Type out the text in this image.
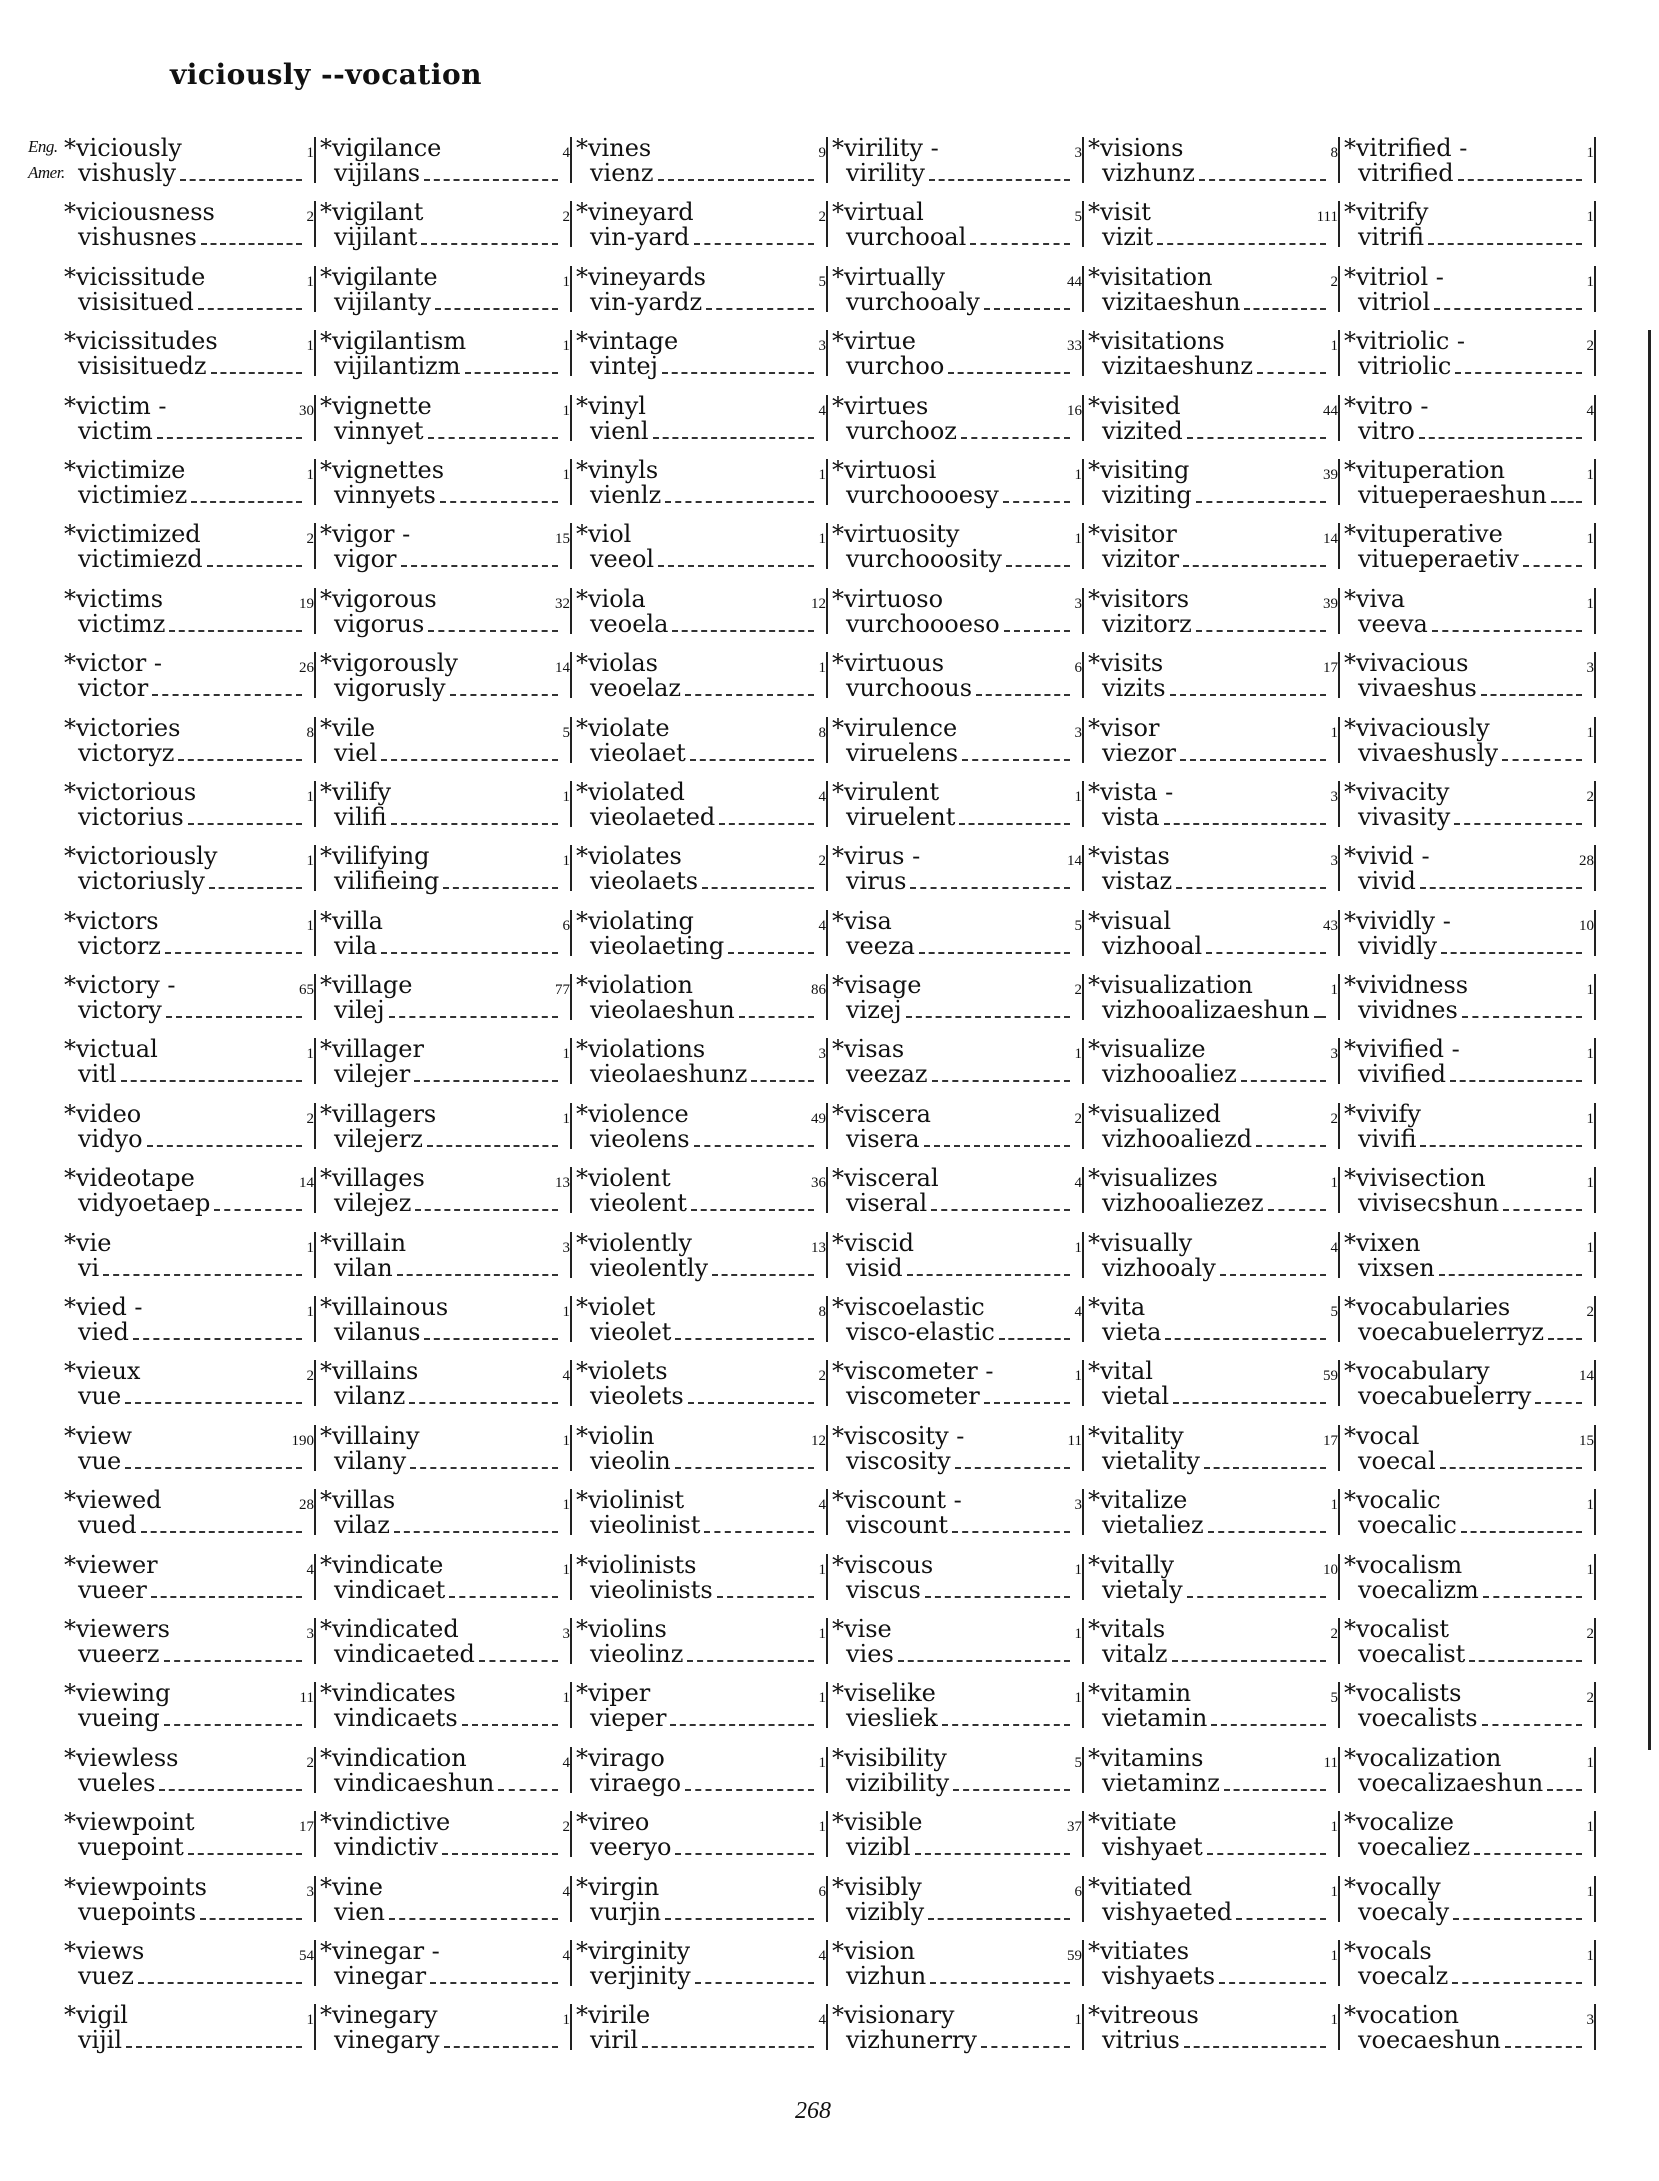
viciously --vocation
Eng.
Amer.
*viciously
vishusly
1
*viciousness
vishusnes
2
*vicissitude
visisitued
1
*vicissitudes
visisituedz
1
*victim -
victim
30
*victimize
victimiez
1
*victimized
victimiezd
2
*victims
victimz
19
*victor -
victor
26
*victories
victoryz
8
*victorious
victorius
1
*victoriously
victoriusly
1
*victors
victorz
1
*victory -
victory
65
*victual
vitl
1
*video
vidyo
2
*videotape
vidyoetaep
14
*vie
vi
1
*vied -
vied
1
*vieux
vue
2
*view
vue
190
*viewed
vued
28
*viewer
vueer
4
*viewers
vueerz
3
*viewing
vueing
11
*viewless
vueles
2
*viewpoint
vuepoint
17
*viewpoints
vuepoints
3
*views
vuez
54
*vigil
vijil
1
*vigilance
vijilans
4
*vigilant
vijilant
2
*vigilante
vijilanty
1
*vigilantism
vijilantizm
1
*vignette
vinnyet
1
*vignettes
vinnyets
1
*vigor -
vigor
15
*vigorous
vigorus
32
*vigorously
vigorusly
14
*vile
viel
5
*vilify
vilifi
1
*vilifying
vilifieing
1
*villa
vila
6
*village
vilej
77
*villager
vilejer
1
*villagers
vilejerz
1
*villages
vilejez
13
*villain
vilan
3
*villainous
vilanus
1
*villains
vilanz
4
*villainy
vilany
1
*villas
vilaz
1
*vindicate
vindicaet
1
*vindicated
vindicaeted
3
*vindicates
vindicaets
1
*vindication
vindicaeshun
4
*vindictive
vindictiv
2
*vine
vien
4
*vinegar -
vinegar
4
*vinegary
vinegary
1
*vines
vienz
9
*vineyard
vin-yard
2
*vineyards
vin-yardz
5
*vintage
vintej
3
*vinyl
vienl
4
*vinyls
vienlz
1
*viol
veeol
1
*viola
veoela
12
*violas
veoelaz
1
*violate
vieolaet
8
*violated
vieolaeted
4
*violates
vieolaets
2
*violating
vieolaeting
4
*violation
vieolaeshun
86
*violations
vieolaeshunz
3
*violence
vieolens
49
*violent
vieolent
36
*violently
vieolently
13
*violet
vieolet
8
*violets
vieolets
2
*violin
vieolin
12
*violinist
vieolinist
4
*violinists
vieolinists
1
*violins
vieolinz
1
*viper
vieper
1
*virago
viraego
1
*vireo
veeryo
1
*virgin
vurjin
6
*virginity
verjinity
4
*virile
viril
4
*virility -
virility
3
*virtual
vurchooal
5
*virtually
vurchooaly
44
*virtue
vurchoo
33
*virtues
vurchooz
16
*virtuosi
vurchoooesy
1
*virtuosity
vurchooosity
1
*virtuoso
vurchoooeso
3
*virtuous
vurchoous
6
*virulence
viruelens
3
*virulent
viruelent
1
*virus -
virus
14
*visa
veeza
5
*visage
vizej
2
*visas
veezaz
1
*viscera
visera
2
*visceral
viseral
4
*viscid
visid
1
*viscoelastic
visco-elastic
4
*viscometer -
viscometer
1
*viscosity -
viscosity
11
*viscount -
viscount
3
*viscous
viscus
1
*vise
vies
1
*viselike
viesliek
1
*visibility
vizibility
5
*visible
vizibl
37
*visibly
vizibly
6
*vision
vizhun
59
*visionary
vizhunerry
1
*visions
vizhunz
8
*visit
vizit
111
*visitation
vizitaeshun
2
*visitations
vizitaeshunz
1
*visited
vizited
44
*visiting
viziting
39
*visitor
vizitor
14
*visitors
vizitorz
39
*visits
vizits
17
*visor
viezor
1
*vista -
vista
3
*vistas
vistaz
3
*visual
vizhooal
43
*visualization
vizhooalizaeshun
1
*visualize
vizhooaliez
3
*visualized
vizhooaliezd
2
*visualizes
vizhooaliezez
1
*visually
vizhooaly
4
*vita
vieta
5
*vital
vietal
59
*vitality
vietality
17
*vitalize
vietaliez
1
*vitally
vietaly
10
*vitals
vitalz
2
*vitamin
vietamin
5
*vitamins
vietaminz
11
*vitiate
vishyaet
1
*vitiated
vishyaeted
1
*vitiates
vishyaets
1
*vitreous
vitrius
1
*vitrified -
vitrified
1
*vitrify
vitrifi
1
*vitriol -
vitriol
1
*vitriolic -
vitriolic
2
*vitro -
vitro
4
*vituperation
vitueperaeshun
1
*vituperative
vitueperaetiv
1
*viva
veeva
1
*vivacious
vivaeshus
3
*vivaciously
vivaeshusly
1
*vivacity
vivasity
2
*vivid -
vivid
28
*vividly -
vividly
10
*vividness
vividnes
1
*vivified -
vivified
1
*vivify
vivifi
1
*vivisection
vivisecshun
1
*vixen
vixsen
1
*vocabularies
voecabuelerryz
2
*vocabulary
voecabuelerry
14
*vocal
voecal
15
*vocalic
voecalic
1
*vocalism
voecalizm
1
*vocalist
voecalist
2
*vocalists
voecalists
2
*vocalization
voecalizaeshun
1
*vocalize
voecaliez
1
*vocally
voecaly
1
*vocals
voecalz
1
*vocation
voecaeshun
3
268
